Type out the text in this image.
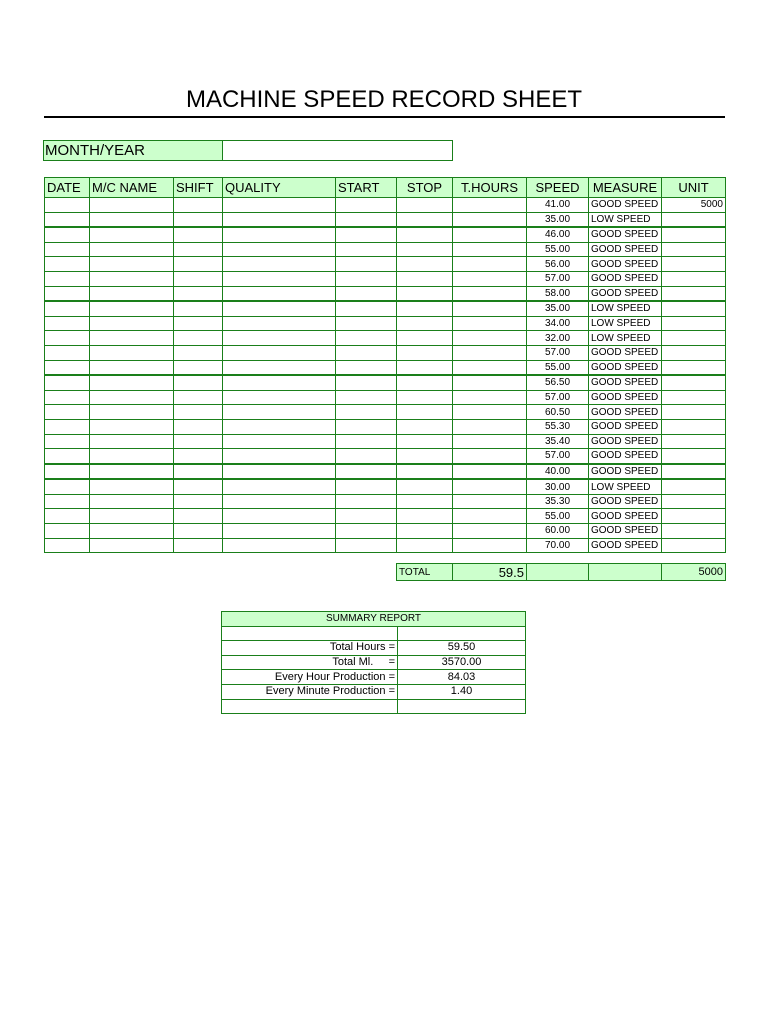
MACHINE SPEED RECORD SHEET
MONTH/YEAR
DATE	M/C NAME	SHIFT	QUALITY	START	STOP	T.HOURS	SPEED	MEASURE	UNIT
							41.00	GOOD SPEED	5000
							35.00	LOW SPEED	
							46.00	GOOD SPEED	
							55.00	GOOD SPEED	
							56.00	GOOD SPEED	
							57.00	GOOD SPEED	
							58.00	GOOD SPEED	
							35.00	LOW SPEED	
							34.00	LOW SPEED	
							32.00	LOW SPEED	
							57.00	GOOD SPEED	
							55.00	GOOD SPEED	
							56.50	GOOD SPEED	
							57.00	GOOD SPEED	
							60.50	GOOD SPEED	
							55.30	GOOD SPEED	
							35.40	GOOD SPEED	
							57.00	GOOD SPEED	
							40.00	GOOD SPEED	
							30.00	LOW SPEED	
							35.30	GOOD SPEED	
							55.00	GOOD SPEED	
							60.00	GOOD SPEED	
							70.00	GOOD SPEED	
TOTAL	59.5			5000
SUMMARY REPORT	

Total Hours =	59.50
Total Ml.     =	3570.00
Every Hour Production =	84.03
Every Minute Production =	1.40
